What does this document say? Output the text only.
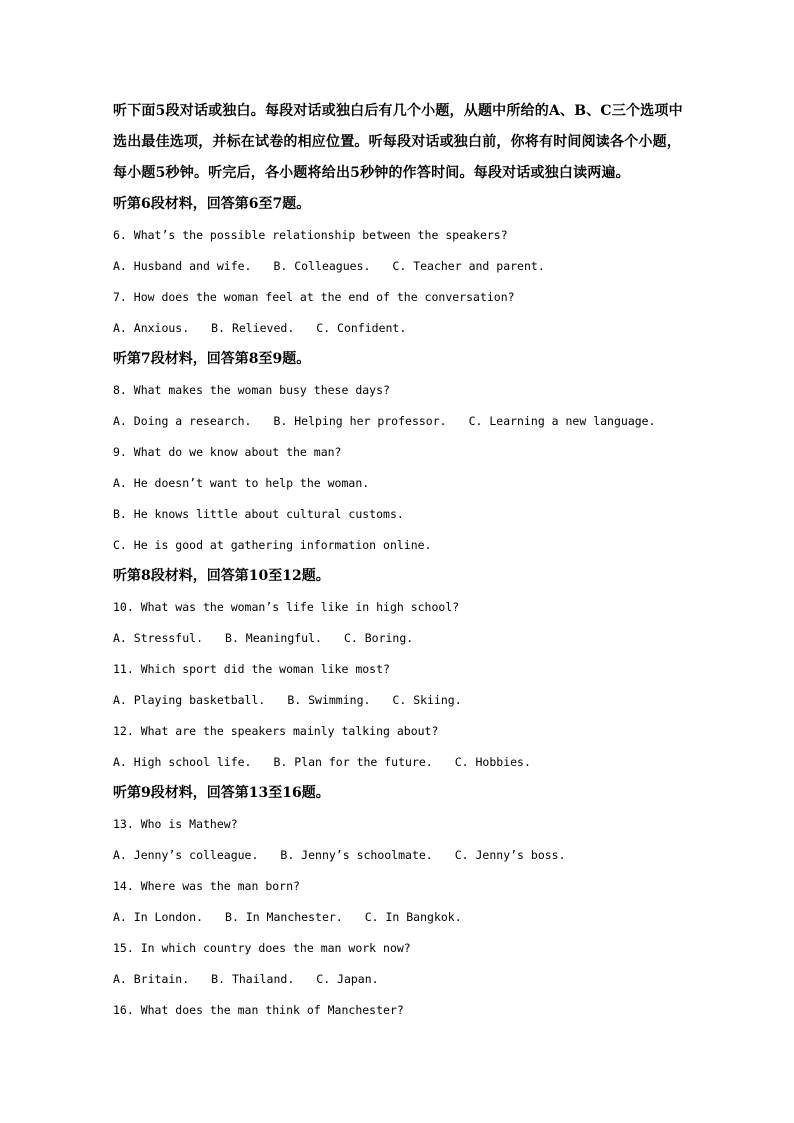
听下面5段对话或独白。每段对话或独白后有几个小题，从题中所给的A、B、C三个选项中选出最佳选项，并标在试卷的相应位置。听每段对话或独白前，你将有时间阅读各个小题，每小题5秒钟。听完后，各小题将给出5秒钟的作答时间。每段对话或独白读两遍。

听第6段材料，回答第6至7题。

6. What’s the possible relationship between the speakers?

A. Husband and wife. B. Colleagues. C. Teacher and parent.

7. How does the woman feel at the end of the conversation?

A. Anxious. B. Relieved. C. Confident.

听第7段材料，回答第8至9题。

8. What makes the woman busy these days?

A. Doing a research. B. Helping her professor. C. Learning a new language.

9. What do we know about the man?

A. He doesn’t want to help the woman.

B. He knows little about cultural customs.

C. He is good at gathering information online.

听第8段材料，回答第10至12题。

10. What was the woman’s life like in high school?

A. Stressful. B. Meaningful. C. Boring.

11. Which sport did the woman like most?

A. Playing basketball. B. Swimming. C. Skiing.

12. What are the speakers mainly talking about?

A. High school life. B. Plan for the future. C. Hobbies.

听第9段材料，回答第13至16题。

13. Who is Mathew?

A. Jenny’s colleague. B. Jenny’s schoolmate. C. Jenny’s boss.

14. Where was the man born?

A. In London. B. In Manchester. C. In Bangkok.

15. In which country does the man work now?

A. Britain. B. Thailand. C. Japan.

16. What does the man think of Manchester?
